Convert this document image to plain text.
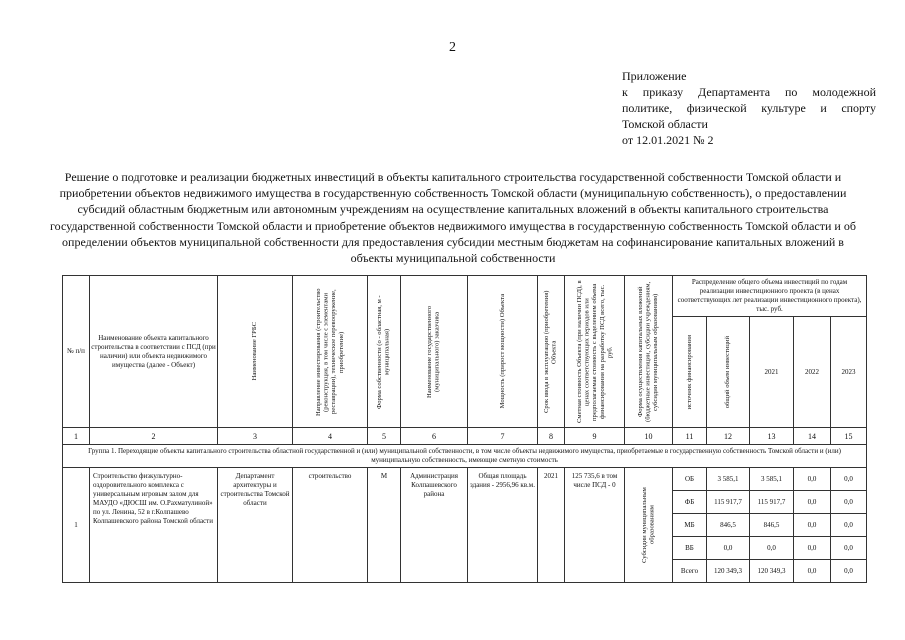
2
Приложение
к приказу Департамента по молодежной
политике, физической культуре и спорту
Томской области
от 12.01.2021 № 2
Решение о подготовке и реализации бюджетных инвестиций в объекты капитального строительства государственной собственности Томской области и приобретении объектов недвижимого имущества в государственную собственность Томской области (муниципальную собственность), о предоставлении субсидий областным бюджетным или автономным учреждениям на осуществление капитальных вложений в объекты капитального строительства государственной собственности Томской области и приобретение объектов недвижимого имущества в государственную собственность Томской области и об определении объектов муниципальной собственности для предоставления субсидии местным бюджетам на софинансирование капитальных вложений в объекты муниципальной собственности
№ п/п	Наименование объекта капитального строительства в соответствии с ПСД (при наличии) или объекта недвижимого имущества (далее - Объект)	Наименование ГРБС	Направление инвестирования (строительство (реконструкция, в том числе с элементами реставрации), техническое перевооружение, приобретение)	Форма собственности (о - областная, м - муниципальная)	Наименование государственного (муниципального) заказчика	Мощность (прирост мощности) Объекта	Срок ввода в эксплуатацию (приобретения) Объекта	Сметная стоимость Объекта (при наличии ПСД), в ценах соответствующих периодов или предполагаемая стоимость с выделением объема финансирования на разработку ПСД всего, тыс. руб.	Форма осуществления капитальных вложений (бюджетные инвестиции, субсидии учреждениям, субсидии муниципальным образованиям)	Распределение общего объема инвестиций по годам реализации инвестиционного проекта (в ценах соответствующих лет реализации инвестиционного проекта), тыс. руб.				

										источник финансирования	общий объем инвестиций	2021	2022	2023
1	2	3	4	5	6	7	8	9	10	11	12	13	14	15
Группа 1. Переходящие объекты капитального строительства областной государственной и (или) муниципальной собственности, в том числе объекты недвижимого имущества, приобретаемые в государственную собственность Томской области и (или) муниципальную собственность, имеющие сметную стоимость														
1	Строительство физкультурно-оздоровительного комплекса с универсальным игровым залом для МАУДО «ДЮСШ им. О.Рахматулиной» по ул. Ленина, 52 в г.Колпашево Колпашевского района Томской области	Департамент архитектуры и строительства Томской области	строительство	М	Администрация Колпашевского района	Общая площадь здания - 2956,96 кв.м.	2021	125 735,6 в том числе ПСД - 0	Субсидии муниципальным образованиям	ОБ	3 585,1	3 585,1	0,0	0,0
										ФБ	115 917,7	115 917,7	0,0	0,0
										МБ	846,5	846,5	0,0	0,0
										ВБ	0,0	0,0	0,0	0,0
										Всего	120 349,3	120 349,3	0,0	0,0
